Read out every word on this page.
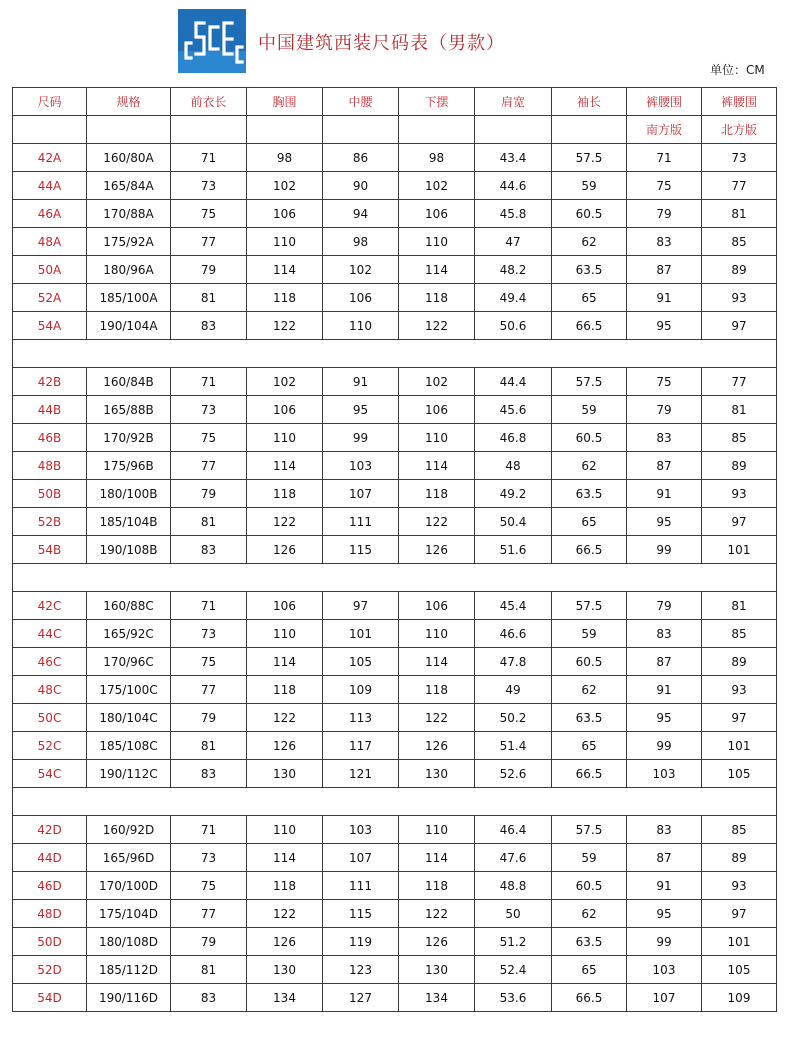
中国建筑西装尺码表（男款）
单位：CM
尺码	规格	前衣长	胸围	中腰	下摆	肩宽	袖长	裤腰围	裤腰围
								南方版	北方版
42A	160/80A	71	98	86	98	43.4	57.5	71	73
44A	165/84A	73	102	90	102	44.6	59	75	77
46A	170/88A	75	106	94	106	45.8	60.5	79	81
48A	175/92A	77	110	98	110	47	62	83	85
50A	180/96A	79	114	102	114	48.2	63.5	87	89
52A	185/100A	81	118	106	118	49.4	65	91	93
54A	190/104A	83	122	110	122	50.6	66.5	95	97

42B	160/84B	71	102	91	102	44.4	57.5	75	77
44B	165/88B	73	106	95	106	45.6	59	79	81
46B	170/92B	75	110	99	110	46.8	60.5	83	85
48B	175/96B	77	114	103	114	48	62	87	89
50B	180/100B	79	118	107	118	49.2	63.5	91	93
52B	185/104B	81	122	111	122	50.4	65	95	97
54B	190/108B	83	126	115	126	51.6	66.5	99	101

42C	160/88C	71	106	97	106	45.4	57.5	79	81
44C	165/92C	73	110	101	110	46.6	59	83	85
46C	170/96C	75	114	105	114	47.8	60.5	87	89
48C	175/100C	77	118	109	118	49	62	91	93
50C	180/104C	79	122	113	122	50.2	63.5	95	97
52C	185/108C	81	126	117	126	51.4	65	99	101
54C	190/112C	83	130	121	130	52.6	66.5	103	105

42D	160/92D	71	110	103	110	46.4	57.5	83	85
44D	165/96D	73	114	107	114	47.6	59	87	89
46D	170/100D	75	118	111	118	48.8	60.5	91	93
48D	175/104D	77	122	115	122	50	62	95	97
50D	180/108D	79	126	119	126	51.2	63.5	99	101
52D	185/112D	81	130	123	130	52.4	65	103	105
54D	190/116D	83	134	127	134	53.6	66.5	107	109
